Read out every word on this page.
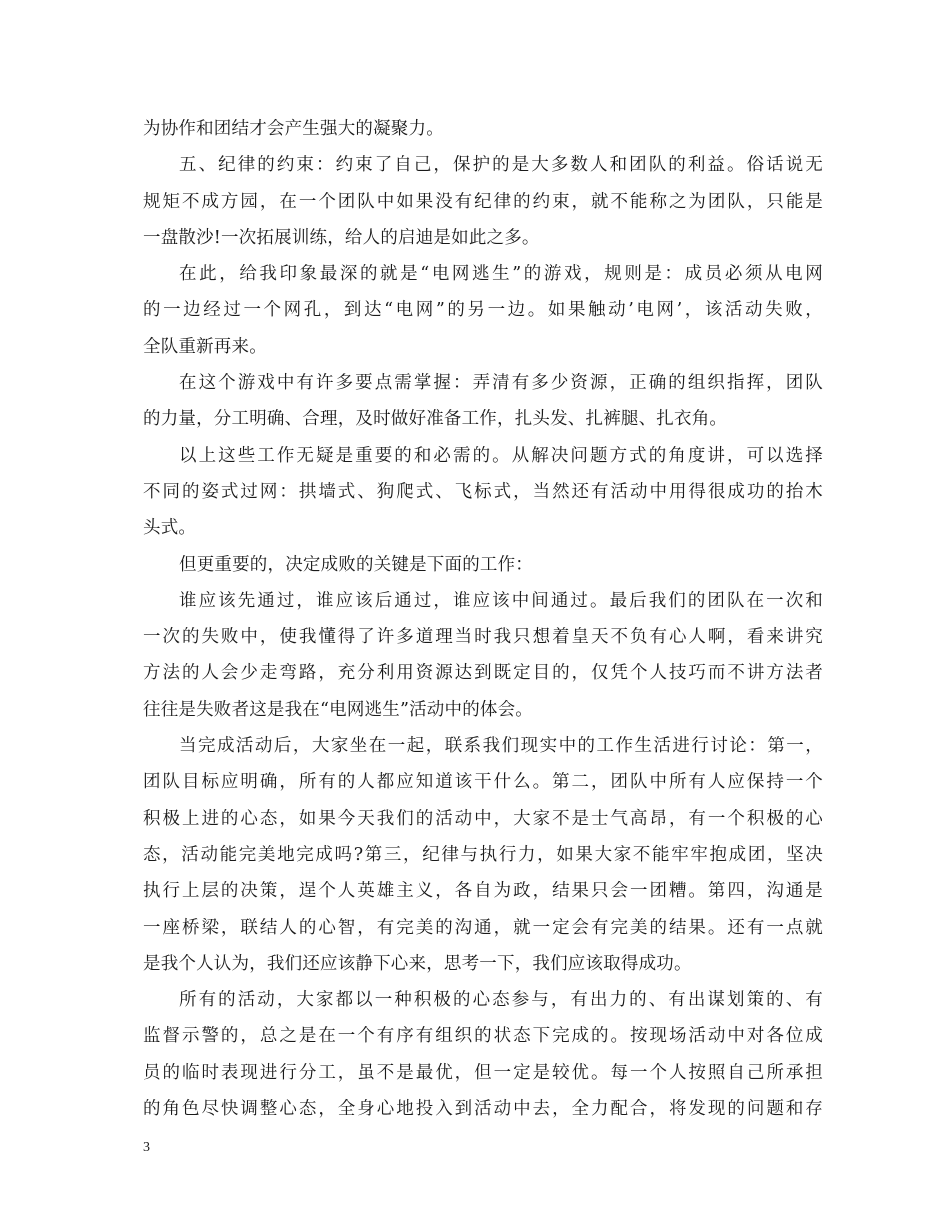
为协作和团结才会产生强大的凝聚力。
五、纪律的约束：约束了自己，保护的是大多数人和团队的利益。俗话说无
规矩不成方园，在一个团队中如果没有纪律的约束，就不能称之为团队，只能是
一盘散沙!一次拓展训练，给人的启迪是如此之多。
在此，给我印象最深的就是“电网逃生”的游戏，规则是：成员必须从电网
的一边经过一个网孔，到达“电网”的另一边。如果触动’电网’，该活动失败，
全队重新再来。
在这个游戏中有许多要点需掌握：弄清有多少资源，正确的组织指挥，团队
的力量，分工明确、合理，及时做好准备工作，扎头发、扎裤腿、扎衣角。
以上这些工作无疑是重要的和必需的。从解决问题方式的角度讲，可以选择
不同的姿式过网：拱墙式、狗爬式、飞标式，当然还有活动中用得很成功的抬木
头式。
但更重要的，决定成败的关键是下面的工作：
谁应该先通过，谁应该后通过，谁应该中间通过。最后我们的团队在一次和
一次的失败中，使我懂得了许多道理当时我只想着皇天不负有心人啊，看来讲究
方法的人会少走弯路，充分利用资源达到既定目的，仅凭个人技巧而不讲方法者
往往是失败者这是我在“电网逃生”活动中的体会。
当完成活动后，大家坐在一起，联系我们现实中的工作生活进行讨论：第一，
团队目标应明确，所有的人都应知道该干什么。第二，团队中所有人应保持一个
积极上进的心态，如果今天我们的活动中，大家不是士气高昂，有一个积极的心
态，活动能完美地完成吗?第三，纪律与执行力，如果大家不能牢牢抱成团，坚决
执行上层的决策，逞个人英雄主义，各自为政，结果只会一团糟。第四，沟通是
一座桥梁，联结人的心智，有完美的沟通，就一定会有完美的结果。还有一点就
是我个人认为，我们还应该静下心来，思考一下，我们应该取得成功。
所有的活动，大家都以一种积极的心态参与，有出力的、有出谋划策的、有
监督示警的，总之是在一个有序有组织的状态下完成的。按现场活动中对各位成
员的临时表现进行分工，虽不是最优，但一定是较优。每一个人按照自己所承担
的角色尽快调整心态，全身心地投入到活动中去，全力配合，将发现的问题和存
3
